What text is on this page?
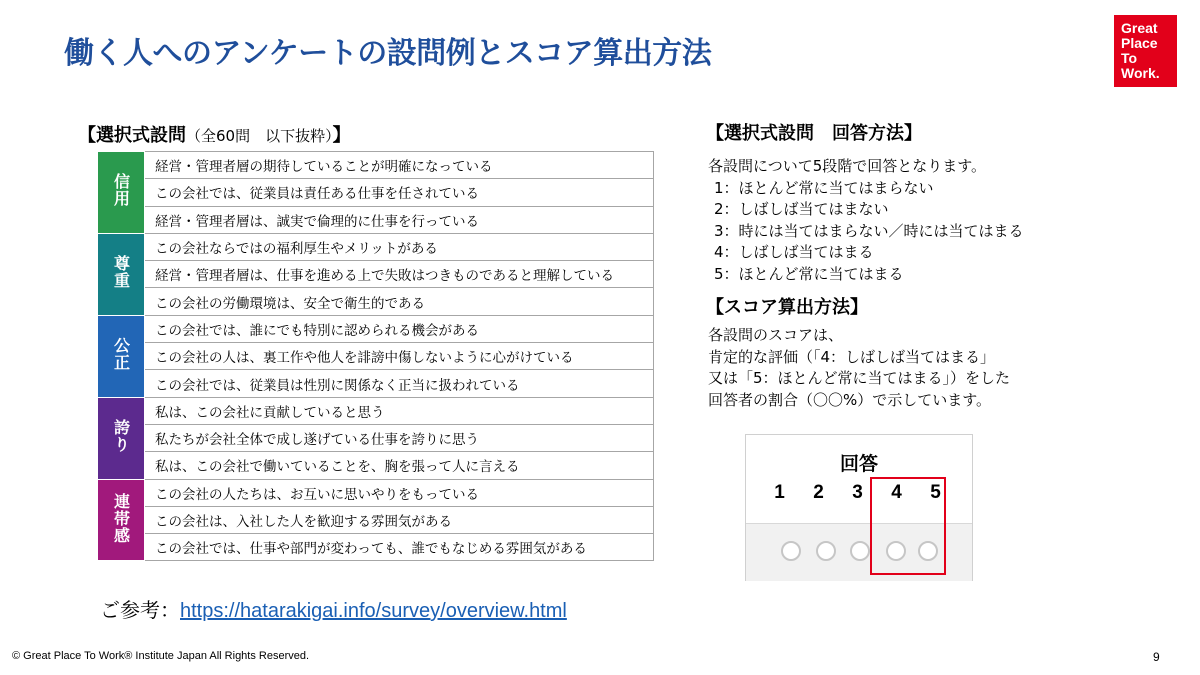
働く人へのアンケートの設問例とスコア算出方法
Great
Place
To
Work.
【選択式設問（全60問　以下抜粋）】
信用	経営・管理者層の期待していることが明確になっている
	この会社では、従業員は責任ある仕事を任されている
	経営・管理者層は、誠実で倫理的に仕事を行っている
尊重	この会社ならではの福利厚生やメリットがある
	経営・管理者層は、仕事を進める上で失敗はつきものであると理解している
	この会社の労働環境は、安全で衛生的である
公正	この会社では、誰にでも特別に認められる機会がある
	この会社の人は、裏工作や他人を誹謗中傷しないように心がけている
	この会社では、従業員は性別に関係なく正当に扱われている
誇り	私は、この会社に貢献していると思う
	私たちが会社全体で成し遂げている仕事を誇りに思う
	私は、この会社で働いていることを、胸を張って人に言える
連帯感	この会社の人たちは、お互いに思いやりをもっている
	この会社は、入社した人を歓迎する雰囲気がある
	この会社では、仕事や部門が変わっても、誰でもなじめる雰囲気がある
ご参考：https://hatarakigai.info/survey/overview.html
【選択式設問　回答方法】
各設問について5段階で回答となります。
1：ほとんど常に当てはまらない
2：しばしば当てはまない
3：時には当てはまらない／時には当てはまる
4：しばしば当てはまる
5：ほとんど常に当てはまる
【スコア算出方法】
各設問のスコアは、
肯定的な評価（「4：しばしば当てはまる」
又は「5：ほとんど常に当てはまる」）をした
回答者の割合（〇〇%）で示しています。
回答
1	2	3	4	5
© Great Place To Work® Institute Japan All Rights Reserved.	9
